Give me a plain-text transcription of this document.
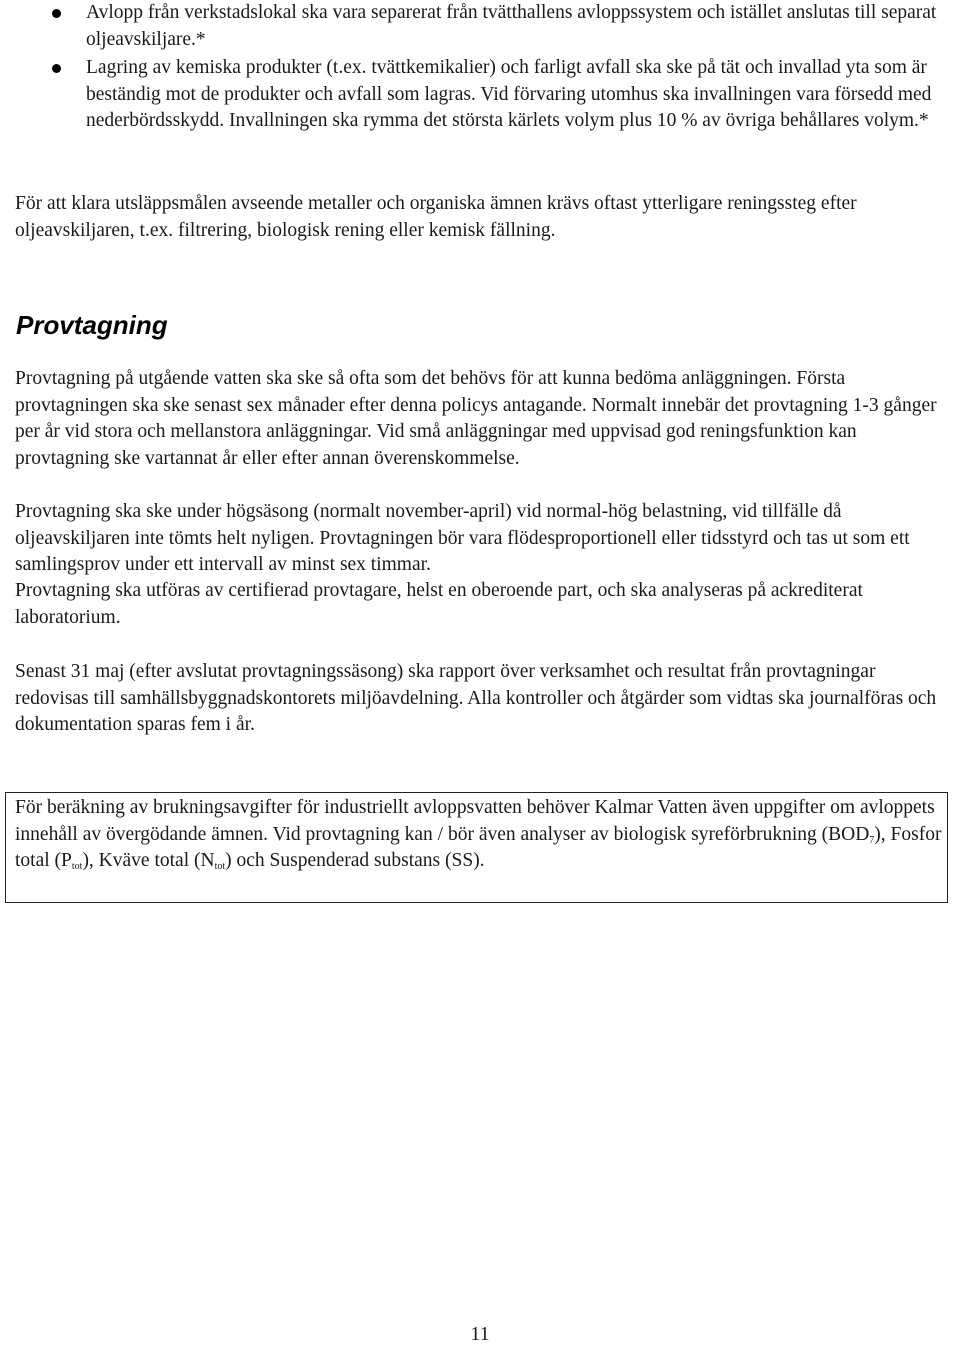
Avlopp från verkstadslokal ska vara separerat från tvätthallens avloppssystem och istället anslutas till separat oljeavskiljare.*
Lagring av kemiska produkter (t.ex. tvättkemikalier) och farligt avfall ska ske på tät och invallad yta som är beständig mot de produkter och avfall som lagras. Vid förvaring utomhus ska invallningen vara försedd med nederbördsskydd. Invallningen ska rymma det största kärlets volym plus 10 % av övriga behållares volym.*

För att klara utsläppsmålen avseende metaller och organiska ämnen krävs oftast ytterligare reningssteg efter oljeavskiljaren, t.ex. filtrering, biologisk rening eller kemisk fällning.

Provtagning

Provtagning på utgående vatten ska ske så ofta som det behövs för att kunna bedöma anläggningen. Första provtagningen ska ske senast sex månader efter denna policys antagande. Normalt innebär det provtagning 1-3 gånger per år vid stora och mellanstora anläggningar. Vid små anläggningar med uppvisad god reningsfunktion kan provtagning ske vartannat år eller efter annan överenskommelse.

Provtagning ska ske under högsäsong (normalt november-april) vid normal-hög belastning, vid tillfälle då oljeavskiljaren inte tömts helt nyligen. Provtagningen bör vara flödesproportionell eller tidsstyrd och tas ut som ett samlingsprov under ett intervall av minst sex timmar.

Provtagning ska utföras av certifierad provtagare, helst en oberoende part, och ska analyseras på ackrediterat laboratorium.

Senast 31 maj (efter avslutat provtagningssäsong) ska rapport över verksamhet och resultat från provtagningar redovisas till samhällsbyggnadskontorets miljöavdelning. Alla kontroller och åtgärder som vidtas ska journalföras och dokumentation sparas fem i år.

För beräkning av brukningsavgifter för industriellt avloppsvatten behöver Kalmar Vatten även uppgifter om avloppets innehåll av övergödande ämnen. Vid provtagning kan / bör även analyser av biologisk syreförbrukning $(BOD_7)$, Fosfor total $(P_{tot})$, Kväve total $(N_{tot})$ och Suspenderad substans (SS).

11
